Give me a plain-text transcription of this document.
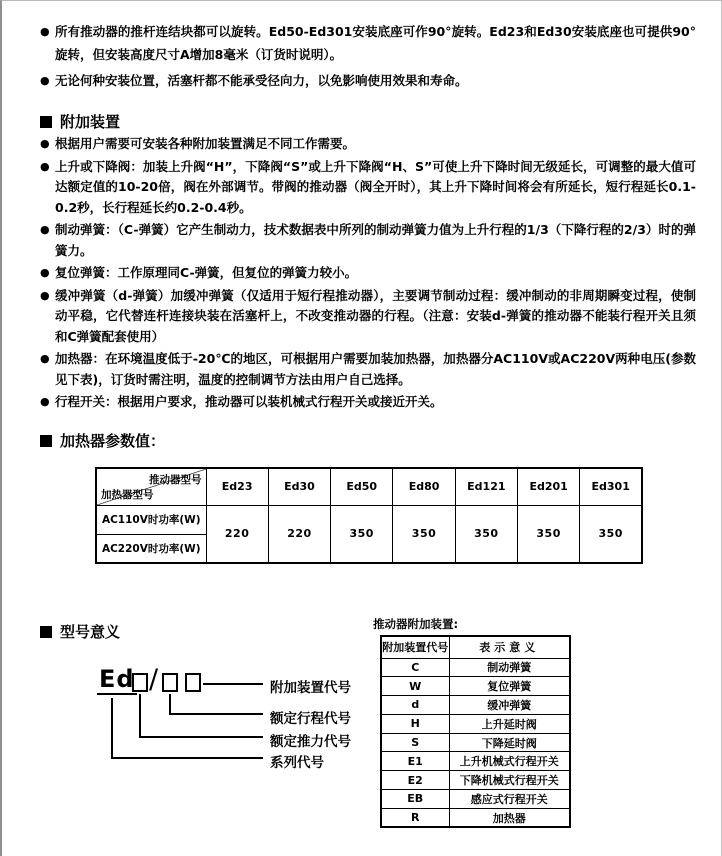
● 所有推动器的推杆连结块都可以旋转。Ed50-Ed301安装底座可作90°旋转。Ed23和Ed30安装底座也可提供90°旋转，但安装高度尺寸A增加8毫米（订货时说明）。
● 无论何种安装位置，活塞杆都不能承受径向力，以免影响使用效果和寿命。
附加装置
● 根据用户需要可安装各种附加装置满足不同工作需要。
● 上升或下降阀：加装上升阀“H”，下降阀“S”或上升下降阀“H、S”可使上升下降时间无级延长，可调整的最大值可达额定值的10-20倍，阀在外部调节。带阀的推动器（阀全开时），其上升下降时间将会有所延长，短行程延长0.1-0.2秒，长行程延长约0.2-0.4秒。
● 制动弹簧：（C-弹簧）它产生制动力，技术数据表中所列的制动弹簧力值为上升行程的1/3（下降行程的2/3）时的弹簧力。
● 复位弹簧：工作原理同C-弹簧，但复位的弹簧力较小。
● 缓冲弹簧（d-弹簧）加缓冲弹簧（仅适用于短行程推动器），主要调节制动过程：缓冲制动的非周期瞬变过程，使制动平稳，它代替连杆连接块装在活塞杆上，不改变推动器的行程。（注意：安装d-弹簧的推动器不能装行程开关且须和C弹簧配套使用）
● 加热器：在环境温度低于-20℃的地区，可根据用户需要加装加热器，加热器分AC110V或AC220V两种电压(参数见下表)，订货时需注明，温度的控制调节方法由用户自己选择。
● 行程开关：根据用户要求，推动器可以装机械式行程开关或接近开关。
加热器参数值：
推动器型号
加热器型号	Ed23	Ed30	Ed50	Ed80	Ed121	Ed201	Ed301
AC110V时功率(W)	220	220	350	350	350	350	350
AC220V时功率(W)							
型号意义
Ed /	附加装置代号
额定行程代号
额定推力代号
系列代号
推动器附加装置:
附加装置代号	表示意义
C	制动弹簧
W	复位弹簧
d	缓冲弹簧
H	上升延时阀
S	下降延时阀
E1	上升机械式行程开关
E2	下降机械式行程开关
EB	感应式行程开关
R	加热器
